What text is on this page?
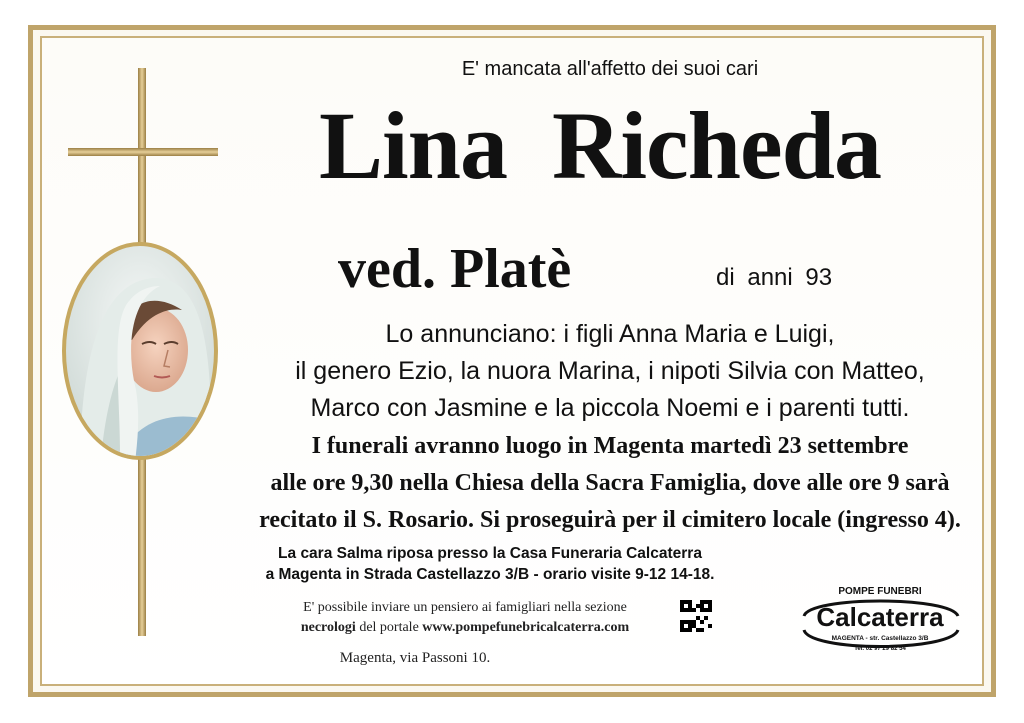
E' mancata all'affetto dei suoi cari
Lina Richeda
ved. Platè	di anni 93
Lo annunciano: i figli Anna Maria e Luigi,
il genero Ezio, la nuora Marina, i nipoti Silvia con Matteo,
Marco con Jasmine e la piccola Noemi e i parenti tutti.
I funerali avranno luogo in Magenta martedì 23 settembre
alle ore 9,30 nella Chiesa della Sacra Famiglia, dove alle ore 9 sarà
recitato il S. Rosario. Si proseguirà per il cimitero locale (ingresso 4).
La cara Salma riposa presso la Casa Funeraria Calcaterra
a Magenta in Strada Castellazzo 3/B - orario visite 9-12 14-18.
E' possibile inviare un pensiero ai famigliari nella sezione
necrologi del portale www.pompefunebricalcaterra.com
Magenta, via Passoni 10.
POMPE FUNEBRI
Calcaterra
MAGENTA - str. Castellazzo 3/B
Tel. 02 97 29 82 54
